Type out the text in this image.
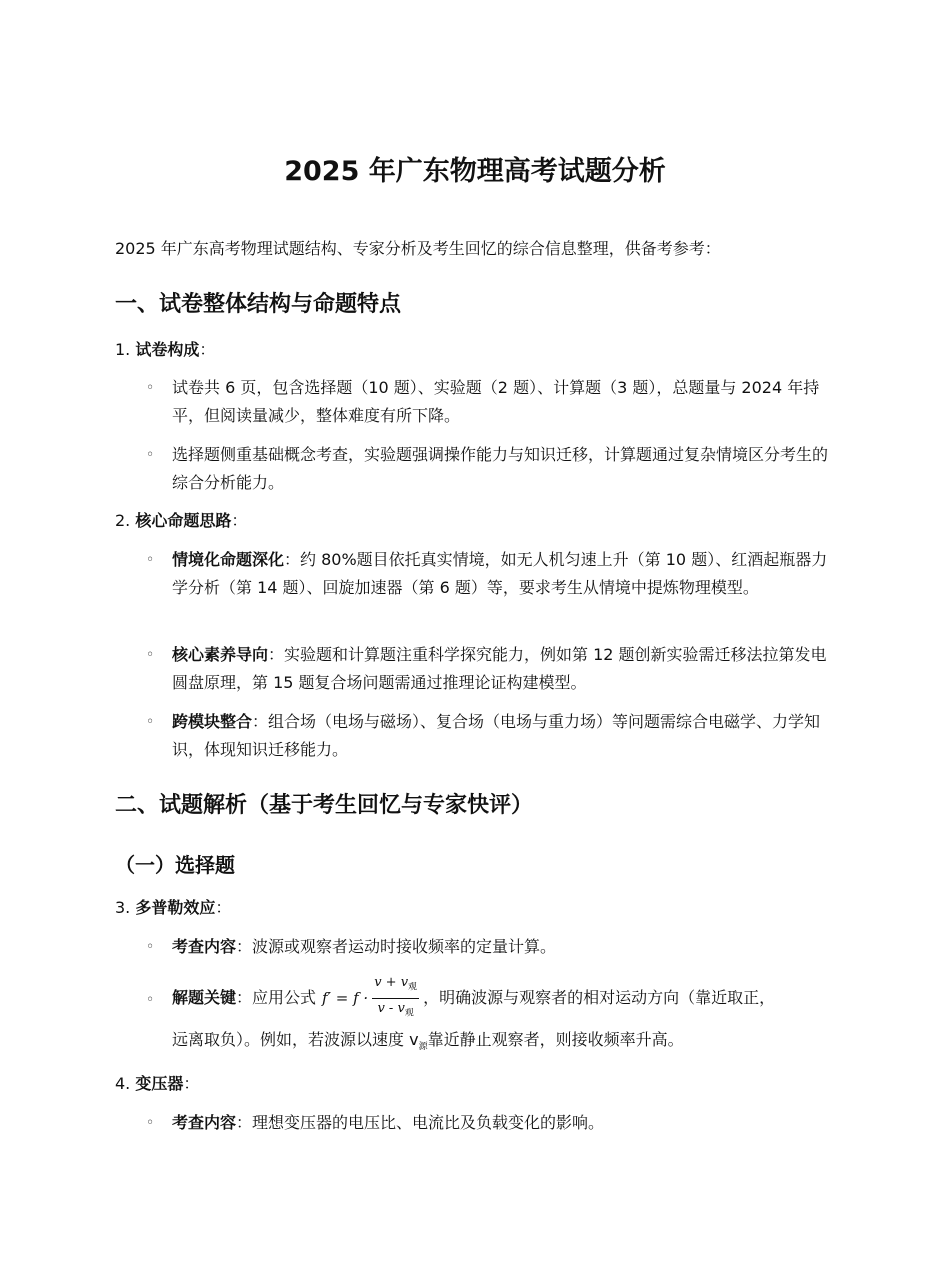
2025 年广东物理高考试题分析
2025 年广东高考物理试题结构、专家分析及考生回忆的综合信息整理，供备考参考：
一、试卷整体结构与命题特点
1. 试卷构成：
◦ 试卷共 6 页，包含选择题（10 题）、实验题（2 题）、计算题（3 题），总题量与 2024 年持平，但阅读量减少，整体难度有所下降。
◦ 选择题侧重基础概念考查，实验题强调操作能力与知识迁移，计算题通过复杂情境区分考生的综合分析能力。
2. 核心命题思路：
◦ 情境化命题深化：约 80%题目依托真实情境，如无人机匀速上升（第 10 题）、红酒起瓶器力学分析（第 14 题）、回旋加速器（第 6 题）等，要求考生从情境中提炼物理模型。
◦ 核心素养导向：实验题和计算题注重科学探究能力，例如第 12 题创新实验需迁移法拉第发电圆盘原理，第 15 题复合场问题需通过推理论证构建模型。
◦ 跨模块整合：组合场（电场与磁场）、复合场（电场与重力场）等问题需综合电磁学、力学知识，体现知识迁移能力。
二、试题解析（基于考生回忆与专家快评）
（一）选择题
3. 多普勒效应：
◦ 考查内容：波源或观察者运动时接收频率的定量计算。
◦ 解题关键 ：应用公式 $f' = f \cdot \frac{v + v_观}{v - v_观}$ ，明确波源与观察者的相对运动方向（靠近取正，
远离取负）。例如，若波源以速度 $v_源$靠近静止观察者，则接收频率升高。
4. 变压器：
◦ 考查内容：理想变压器的电压比、电流比及负载变化的影响。
